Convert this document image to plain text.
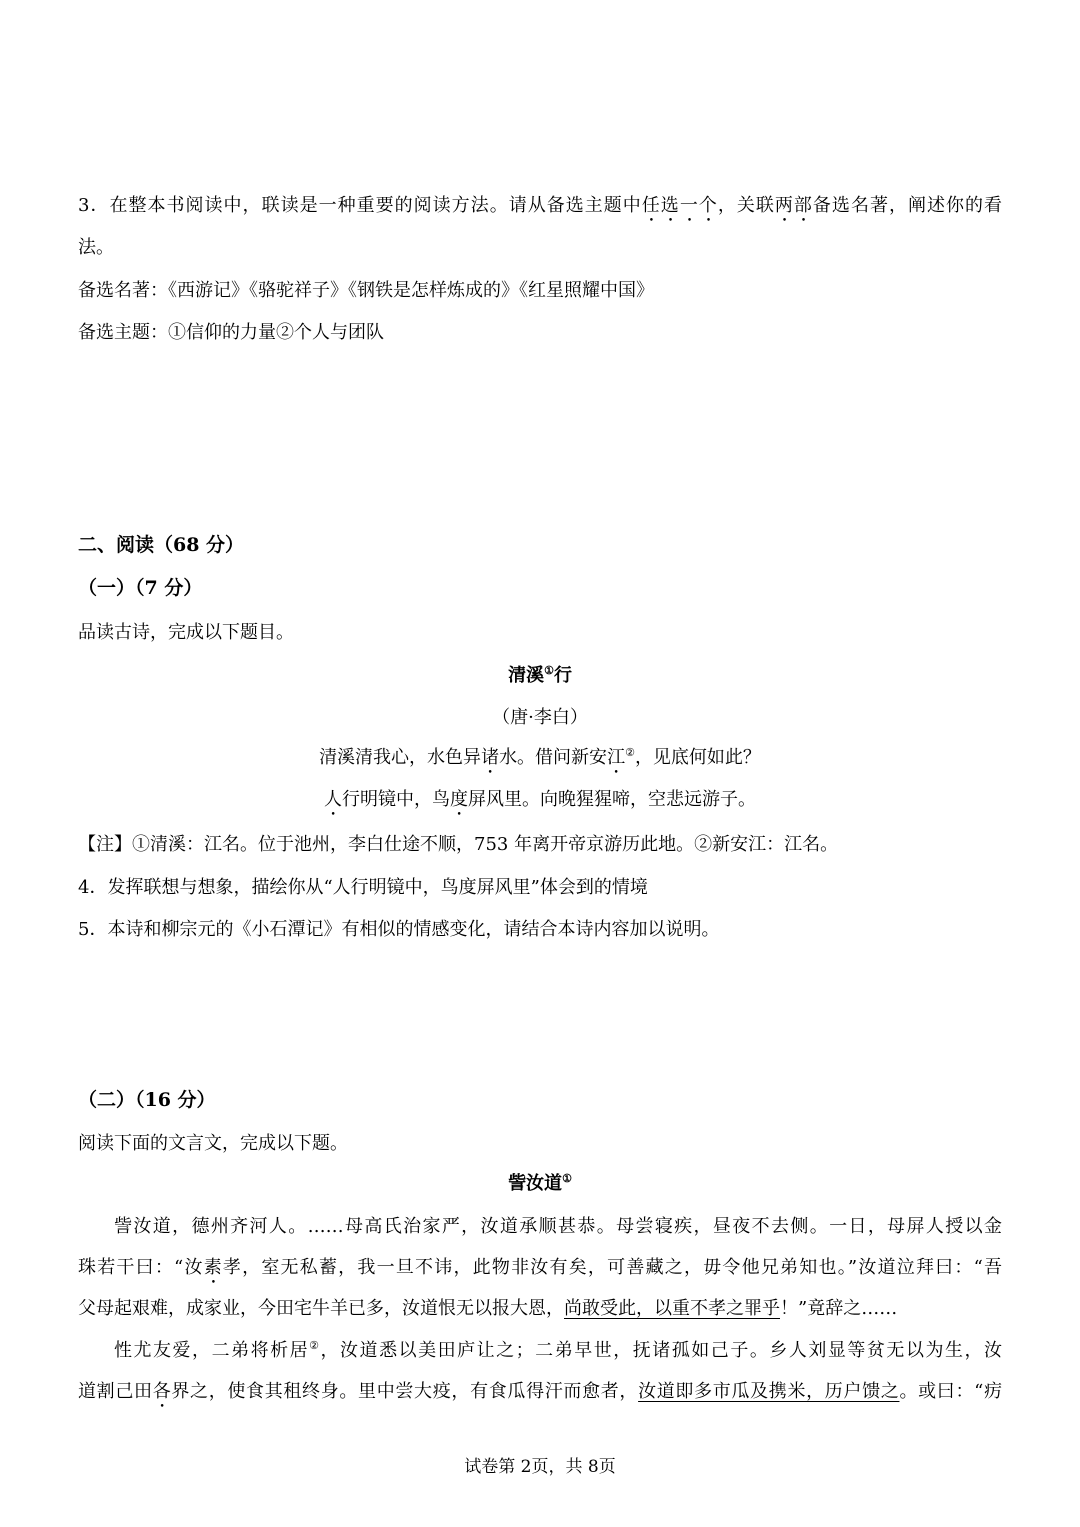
3．在整本书阅读中，联读是一种重要的阅读方法。请从备选主题中任选一个，关联两部备选名著，阐述你的看
法。
备选名著：《西游记》《骆驼祥子》《钢铁是怎样炼成的》《红星照耀中国》
备选主题：①信仰的力量②个人与团队
二、阅读（68 分）
（一）（7 分）
品读古诗，完成以下题目。
清溪①行
（唐·李白）
清溪清我心，水色异诸水。借问新安江②，见底何如此？
人行明镜中，鸟度屏风里。向晚猩猩啼，空悲远游子。
【注】①清溪：江名。位于池州，李白仕途不顺，753 年离开帝京游历此地。②新安江：江名。
4．发挥联想与想象，描绘你从“人行明镜中，鸟度屏风里”体会到的情境
5．本诗和柳宗元的《小石潭记》有相似的情感变化，请结合本诗内容加以说明。
（二）（16 分）
阅读下面的文言文，完成以下题。
訾汝道①
訾汝道，德州齐河人。……母高氏治家严，汝道承顺甚恭。母尝寝疾，昼夜不去侧。一日，母屏人授以金
珠若干曰：“汝素孝，室无私蓄，我一旦不讳，此物非汝有矣，可善藏之，毋令他兄弟知也。”汝道泣拜曰：“吾
父母起艰难，成家业，今田宅牛羊已多，汝道恨无以报大恩，尚敢受此，以重不孝之罪乎！”竟辞之……
性尤友爱，二弟将析居②，汝道悉以美田庐让之；二弟早世，抚诸孤如己子。乡人刘显等贫无以为生，汝
道割己田各界之，使食其租终身。里中尝大疫，有食瓜得汗而愈者，汝道即多市瓜及携米，历户馈之。或曰：“疠
试卷第 2页，共 8页
